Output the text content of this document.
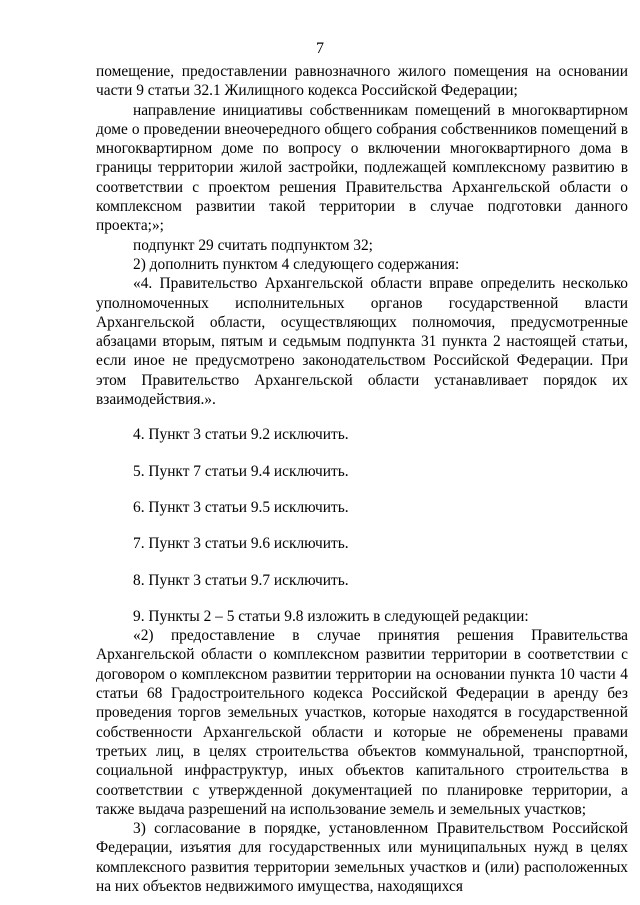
7

помещение, предоставлении равнозначного жилого помещения на основании части 9 статьи 32.1 Жилищного кодекса Российской Федерации;

направление инициативы собственникам помещений в многоквартирном доме о проведении внеочередного общего собрания собственников помещений в многоквартирном доме по вопросу о включении многоквартирного дома в границы территории жилой застройки, подлежащей комплексному развитию в соответствии с проектом решения Правительства Архангельской области о комплексном развитии такой территории в случае подготовки данного проекта;»;

подпункт 29 считать подпунктом 32;

2) дополнить пунктом 4 следующего содержания:

«4. Правительство Архангельской области вправе определить несколько уполномоченных исполнительных органов государственной власти Архангельской области, осуществляющих полномочия, предусмотренные абзацами вторым, пятым и седьмым подпункта 31 пункта 2 настоящей статьи, если иное не предусмотрено законодательством Российской Федерации. При этом Правительство Архангельской области устанавливает порядок их взаимодействия.».

4. Пункт 3 статьи 9.2 исключить.

5. Пункт 7 статьи 9.4 исключить.

6. Пункт 3 статьи 9.5 исключить.

7. Пункт 3 статьи 9.6 исключить.

8. Пункт 3 статьи 9.7 исключить.

9. Пункты 2 – 5 статьи 9.8 изложить в следующей редакции:

«2) предоставление в случае принятия решения Правительства Архангельской области о комплексном развитии территории в соответствии с договором о комплексном развитии территории на основании пункта 10 части 4 статьи 68 Градостроительного кодекса Российской Федерации в аренду без проведения торгов земельных участков, которые находятся в государственной собственности Архангельской области и которые не обременены правами третьих лиц, в целях строительства объектов коммунальной, транспортной, социальной инфраструктур, иных объектов капитального строительства в соответствии с утвержденной документацией по планировке территории, а также выдача разрешений на использование земель и земельных участков;

3) согласование в порядке, установленном Правительством Российской Федерации, изъятия для государственных или муниципальных нужд в целях комплексного развития территории земельных участков и (или) расположенных на них объектов недвижимого имущества, находящихся
